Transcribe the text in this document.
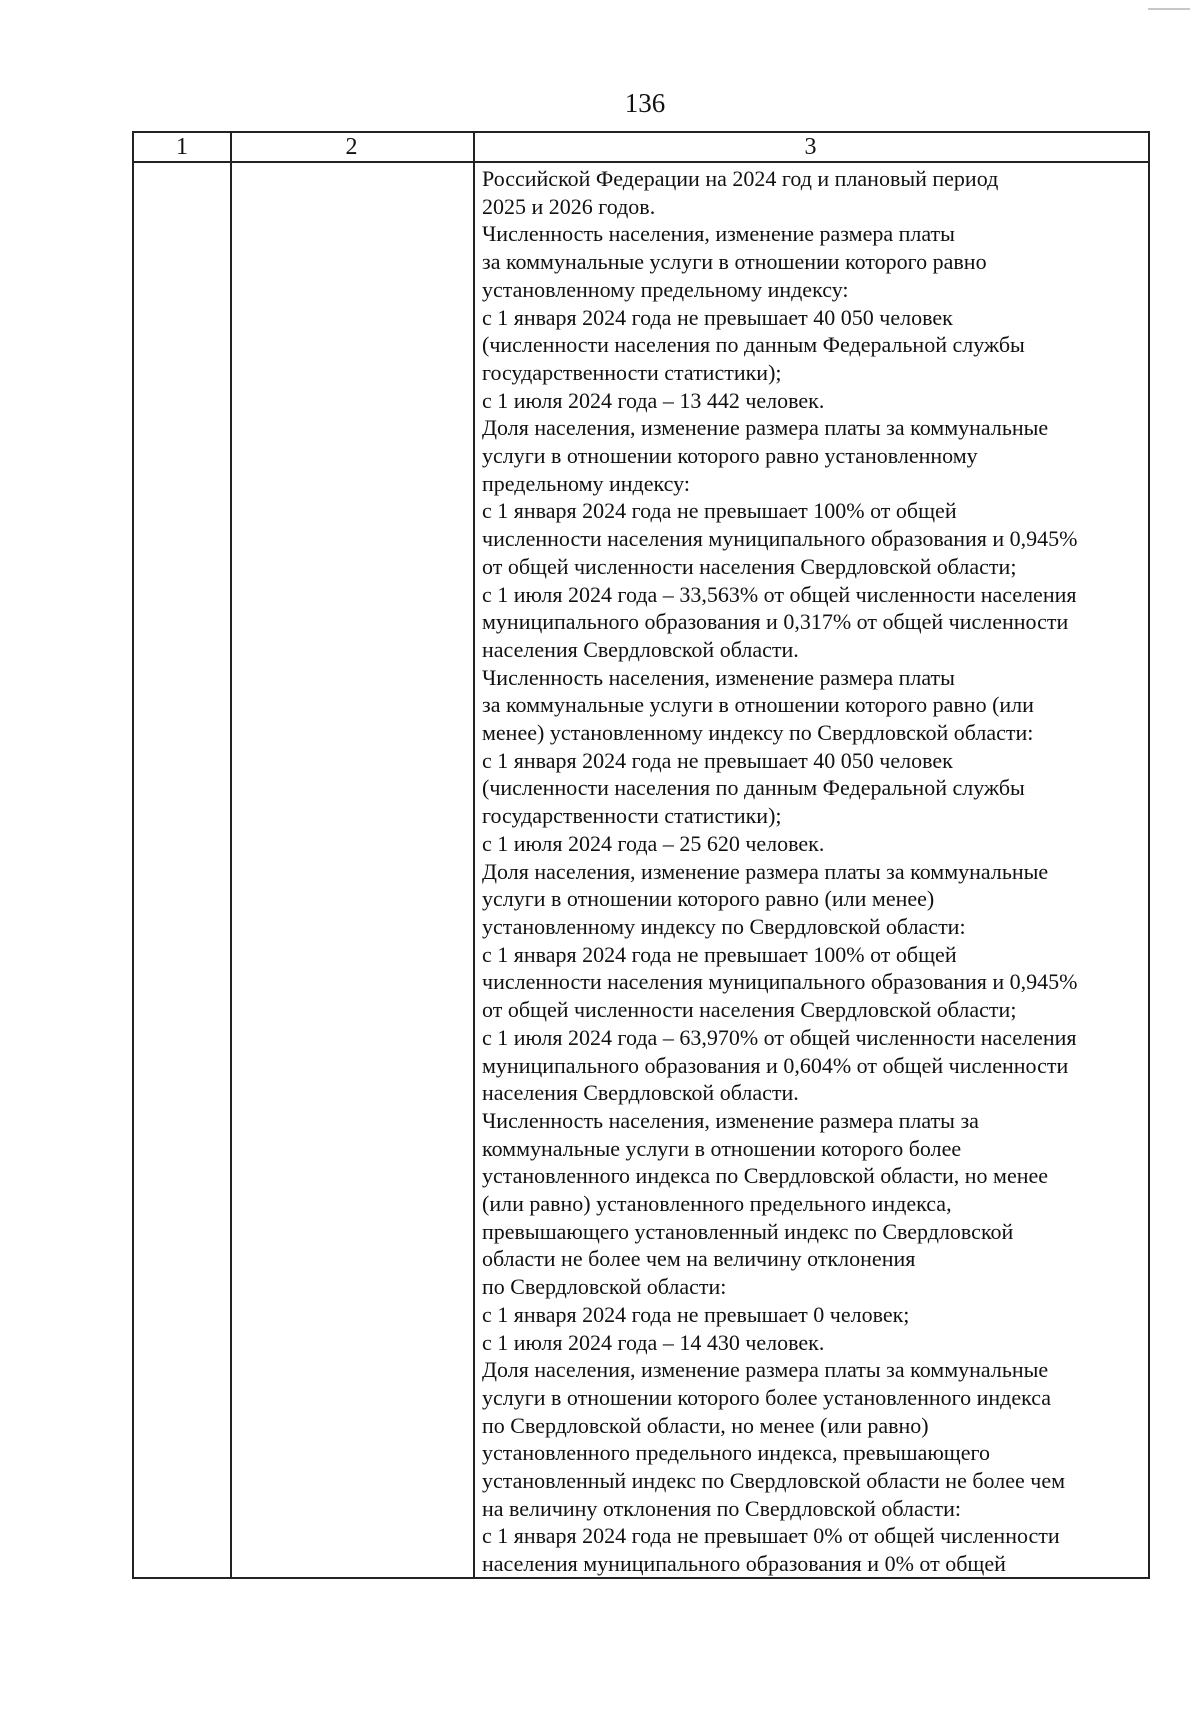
136
1	2	3
Российской Федерации на 2024 год и плановый период
2025 и 2026 годов.
Численность населения, изменение размера платы
за коммунальные услуги в отношении которого равно
установленному предельному индексу:
с 1 января 2024 года не превышает 40 050 человек
(численности населения по данным Федеральной службы
государственности статистики);
с 1 июля 2024 года – 13 442 человек.
Доля населения, изменение размера платы за коммунальные
услуги в отношении которого равно установленному
предельному индексу:
с 1 января 2024 года не превышает 100% от общей
численности населения муниципального образования и 0,945%
от общей численности населения Свердловской области;
с 1 июля 2024 года – 33,563% от общей численности населения
муниципального образования и 0,317% от общей численности
населения Свердловской области.
Численность населения, изменение размера платы
за коммунальные услуги в отношении которого равно (или
менее) установленному индексу по Свердловской области:
с 1 января 2024 года не превышает 40 050 человек
(численности населения по данным Федеральной службы
государственности статистики);
с 1 июля 2024 года – 25 620 человек.
Доля населения, изменение размера платы за коммунальные
услуги в отношении которого равно (или менее)
установленному индексу по Свердловской области:
с 1 января 2024 года не превышает 100% от общей
численности населения муниципального образования и 0,945%
от общей численности населения Свердловской области;
с 1 июля 2024 года – 63,970% от общей численности населения
муниципального образования и 0,604% от общей численности
населения Свердловской области.
Численность населения, изменение размера платы за
коммунальные услуги в отношении которого более
установленного индекса по Свердловской области, но менее
(или равно) установленного предельного индекса,
превышающего установленный индекс по Свердловской
области не более чем на величину отклонения
по Свердловской области:
с 1 января 2024 года не превышает 0 человек;
с 1 июля 2024 года – 14 430 человек.
Доля населения, изменение размера платы за коммунальные
услуги в отношении которого более установленного индекса
по Свердловской области, но менее (или равно)
установленного предельного индекса, превышающего
установленный индекс по Свердловской области не более чем
на величину отклонения по Свердловской области:
с 1 января 2024 года не превышает 0% от общей численности
населения муниципального образования и 0% от общей
